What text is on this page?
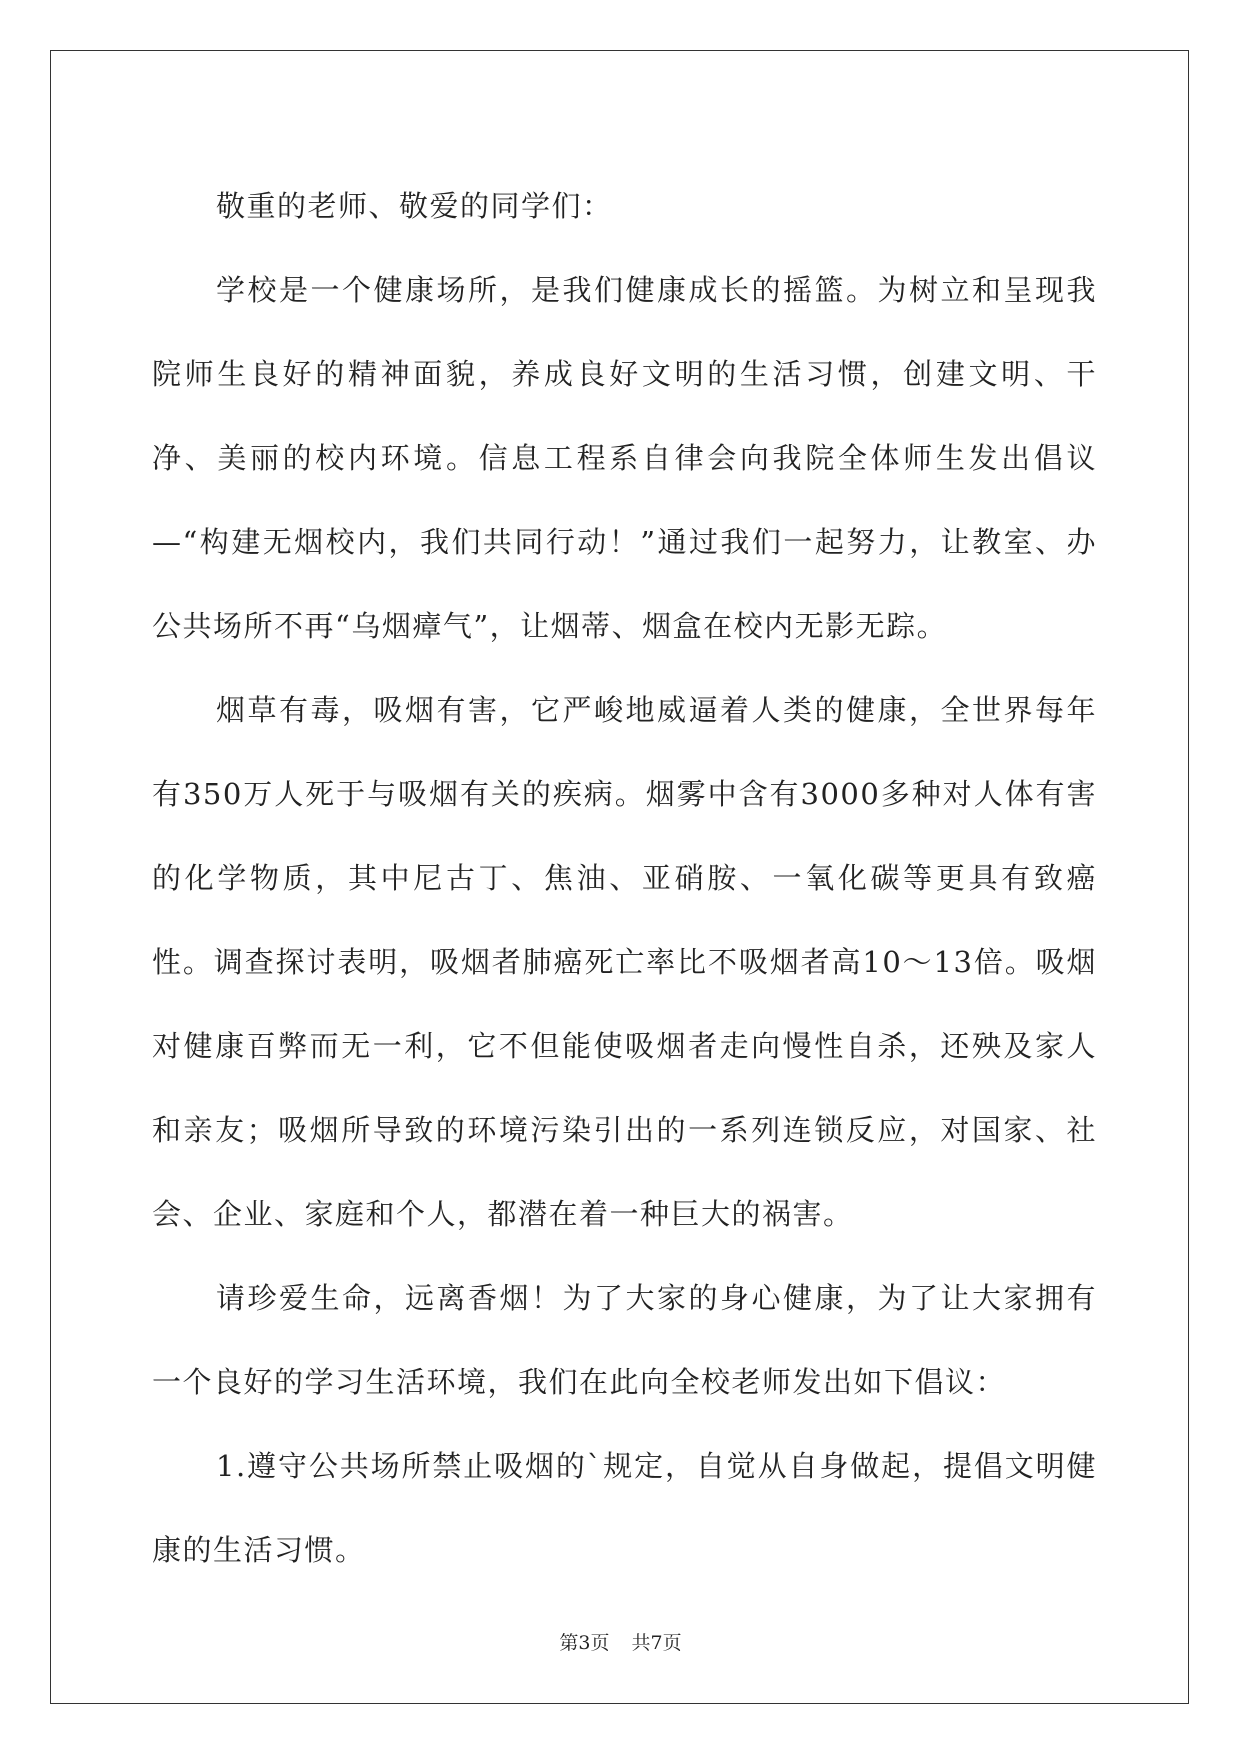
敬重的老师、敬爱的同学们：

学校是一个健康场所，是我们健康成长的摇篮。为树立和呈现我院师生良好的精神面貌，养成良好文明的生活习惯，创建文明、干净、美丽的校内环境。信息工程系自律会向我院全体师生发出倡议—“构建无烟校内，我们共同行动！”通过我们一起努力，让教室、办公共场所不再“乌烟瘴气”，让烟蒂、烟盒在校内无影无踪。

烟草有毒，吸烟有害，它严峻地威逼着人类的健康，全世界每年有350万人死于与吸烟有关的疾病。烟雾中含有3000多种对人体有害的化学物质，其中尼古丁、焦油、亚硝胺、一氧化碳等更具有致癌性。调查探讨表明，吸烟者肺癌死亡率比不吸烟者高10～13倍。吸烟对健康百弊而无一利，它不但能使吸烟者走向慢性自杀，还殃及家人和亲友；吸烟所导致的环境污染引出的一系列连锁反应，对国家、社会、企业、家庭和个人，都潜在着一种巨大的祸害。

请珍爱生命，远离香烟！为了大家的身心健康，为了让大家拥有一个良好的学习生活环境，我们在此向全校老师发出如下倡议：

1.遵守公共场所禁止吸烟的`规定，自觉从自身做起，提倡文明健康的生活习惯。

第3页 共7页
